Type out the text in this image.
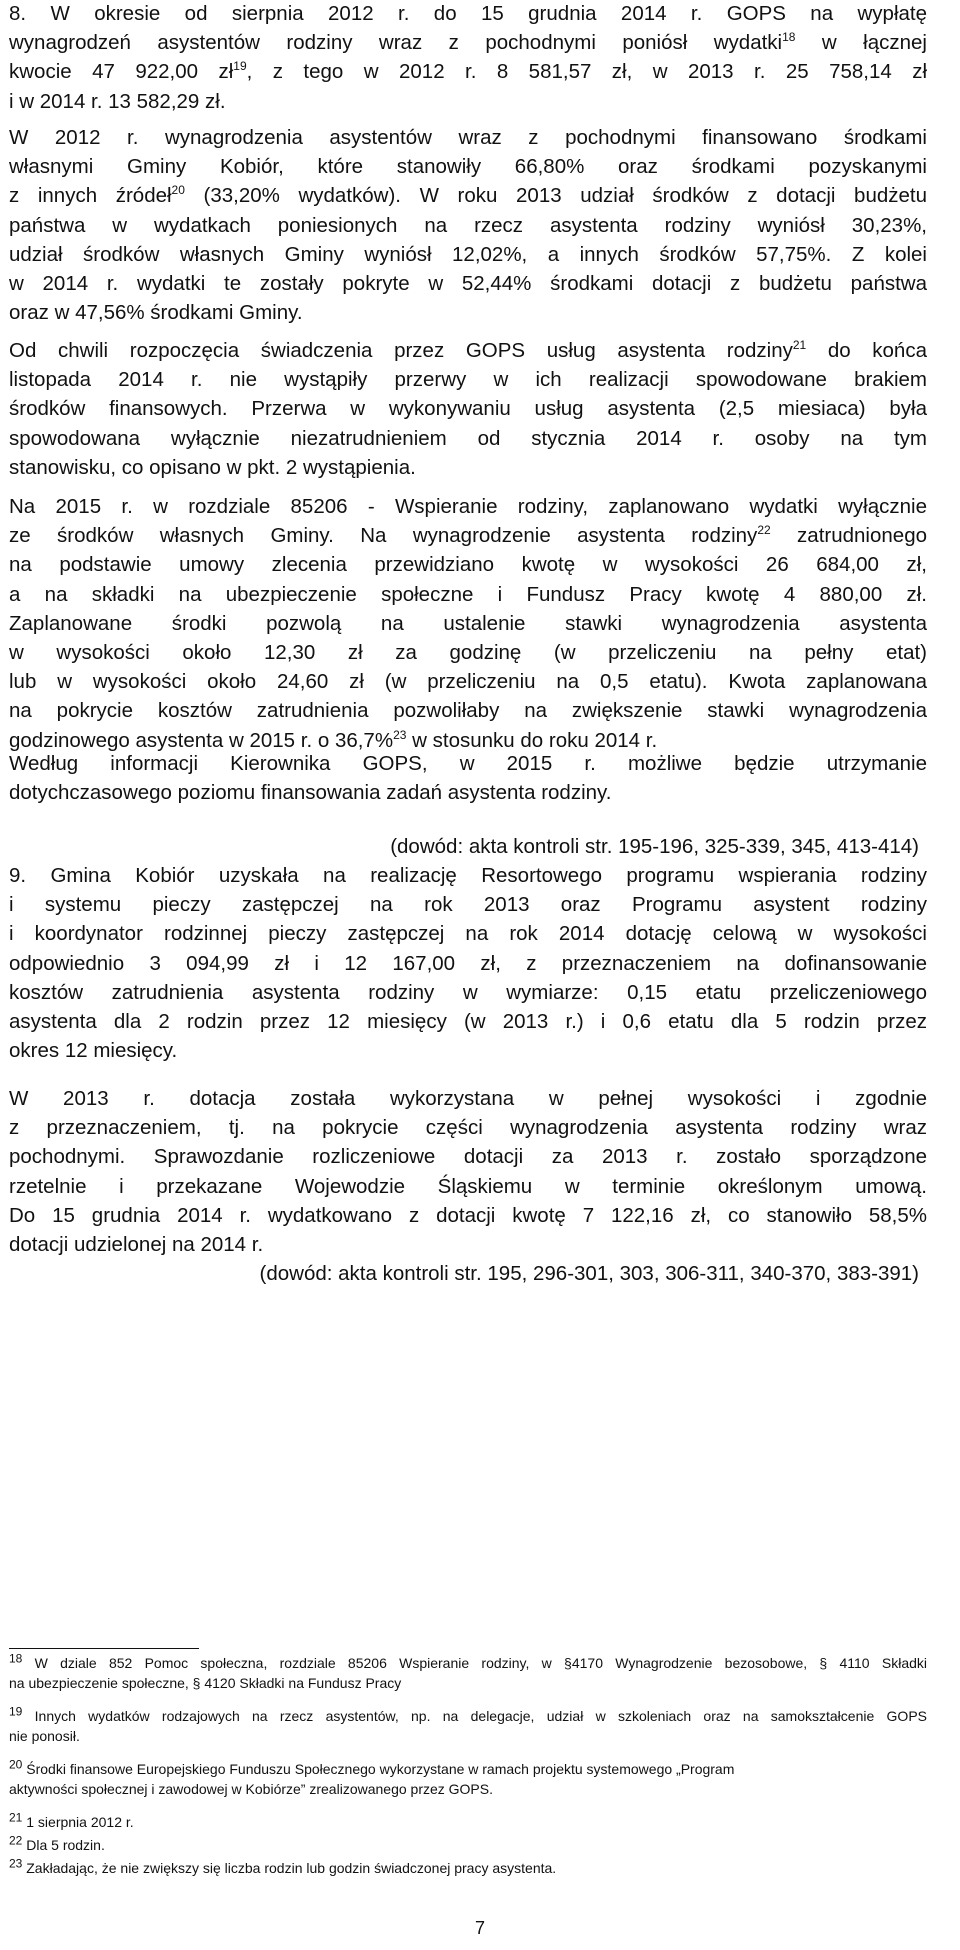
8. W okresie od sierpnia 2012 r. do 15 grudnia 2014 r. GOPS na wypłatę
wynagrodzeń asystentów rodziny wraz z pochodnymi poniósł wydatki$^{18}$ w łącznej
kwocie 47 922,00 $zł^{19}$, z tego w 2012 r. 8 581,57 zł, w 2013 r. 25 758,14 zł
i w 2014 r. 13 582,29 zł.
W 2012 r. wynagrodzenia asystentów wraz z pochodnymi finansowano środkami
własnymi Gminy Kobiór, które stanowiły 66,80% oraz środkami pozyskanymi
z innych źródeł$^{20}$ (33,20% wydatków). W roku 2013 udział środków z dotacji budżetu
państwa w wydatkach poniesionych na rzecz asystenta rodziny wyniósł 30,23%,
udział środków własnych Gminy wyniósł 12,02%, a innych środków 57,75%. Z kolei
w 2014 r. wydatki te zostały pokryte w 52,44% środkami dotacji z budżetu państwa
oraz w 47,56% środkami Gminy.
Od chwili rozpoczęcia świadczenia przez GOPS usług asystenta rodziny$^{21}$ do końca
listopada 2014 r. nie wystąpiły przerwy w ich realizacji spowodowane brakiem
środków finansowych. Przerwa w wykonywaniu usług asystenta (2,5 miesiaca) była
spowodowana wyłącznie niezatrudnieniem od stycznia 2014 r. osoby na tym
stanowisku, co opisano w pkt. 2 wystąpienia.
Na 2015 r. w rozdziale 85206 - Wspieranie rodziny, zaplanowano wydatki wyłącznie
ze środków własnych Gminy. Na wynagrodzenie asystenta rodziny$^{22}$ zatrudnionego
na podstawie umowy zlecenia przewidziano kwotę w wysokości 26 684,00 zł,
a na składki na ubezpieczenie społeczne i Fundusz Pracy kwotę 4 880,00 zł.
Zaplanowane środki pozwolą na ustalenie stawki wynagrodzenia asystenta
w wysokości około 12,30 zł za godzinę (w przeliczeniu na pełny etat)
lub w wysokości około 24,60 zł (w przeliczeniu na 0,5 etatu). Kwota zaplanowana
na pokrycie kosztów zatrudnienia pozwoliłaby na zwiększenie stawki wynagrodzenia
godzinowego asystenta w 2015 r. o 36,7%$^{23}$ w stosunku do roku 2014 r.
Według informacji Kierownika GOPS, w 2015 r. możliwe będzie utrzymanie
dotychczasowego poziomu finansowania zadań asystenta rodziny.
(dowód: akta kontroli str. 195-196, 325-339, 345, 413-414)
9. Gmina Kobiór uzyskała na realizację Resortowego programu wspierania rodziny
i systemu pieczy zastępczej na rok 2013 oraz Programu asystent rodziny
i koordynator rodzinnej pieczy zastępczej na rok 2014 dotację celową w wysokości
odpowiednio 3 094,99 zł i 12 167,00 zł, z przeznaczeniem na dofinansowanie
kosztów zatrudnienia asystenta rodziny w wymiarze: 0,15 etatu przeliczeniowego
asystenta dla 2 rodzin przez 12 miesięcy (w 2013 r.) i 0,6 etatu dla 5 rodzin przez
okres 12 miesięcy.
W 2013 r. dotacja została wykorzystana w pełnej wysokości i zgodnie
z przeznaczeniem, tj. na pokrycie części wynagrodzenia asystenta rodziny wraz
pochodnymi. Sprawozdanie rozliczeniowe dotacji za 2013 r. zostało sporządzone
rzetelnie i przekazane Wojewodzie Śląskiemu w terminie określonym umową.
Do 15 grudnia 2014 r. wydatkowano z dotacji kwotę 7 122,16 zł, co stanowiło 58,5%
dotacji udzielonej na 2014 r.
(dowód: akta kontroli str. 195, 296-301, 303, 306-311, 340-370, 383-391)
$^{18}$ W dziale 852 Pomoc społeczna, rozdziale 85206 Wspieranie rodziny, w §4170 Wynagrodzenie bezosobowe, § 4110 Składki
na ubezpieczenie społeczne, § 4120 Składki na Fundusz Pracy
$^{19}$ Innych wydatków rodzajowych na rzecz asystentów, np. na delegacje, udział w szkoleniach oraz na samokształcenie GOPS
nie ponosił.
$^{20}$ Środki finansowe Europejskiego Funduszu Społecznego wykorzystane w ramach projektu systemowego „Program
aktywności społecznej i zawodowej w Kobiórze” zrealizowanego przez GOPS.
$^{21}$ 1 sierpnia 2012 r.
$^{22}$ Dla 5 rodzin.
$^{23}$ Zakładając, że nie zwiększy się liczba rodzin lub godzin świadczonej pracy asystenta.
7
